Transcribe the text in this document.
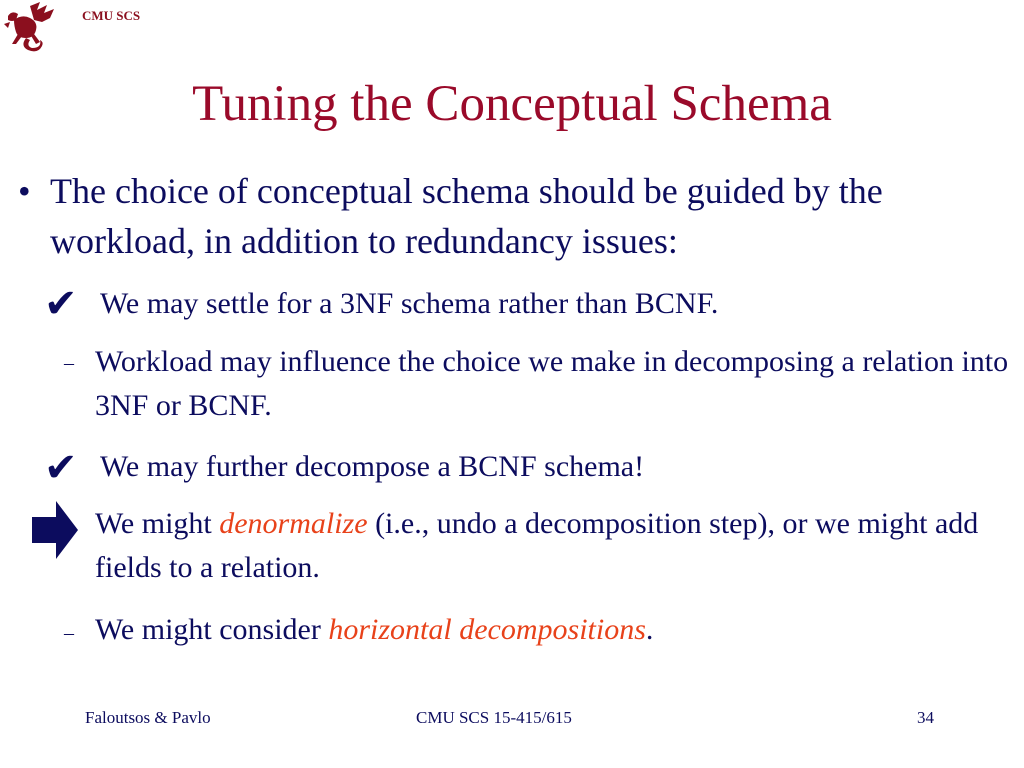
CMU SCS
Tuning the Conceptual Schema
• The choice of conceptual schema should be guided by the workload, in addition to redundancy issues:
✔ We may settle for a 3NF schema rather than BCNF.
– Workload may influence the choice we make in decomposing a relation into 3NF or BCNF.
✔ We may further decompose a BCNF schema!
We might denormalize (i.e., undo a decomposition step), or we might add fields to a relation.
– We might consider horizontal decompositions.
Faloutsos & Pavlo	CMU SCS 15-415/615	34
